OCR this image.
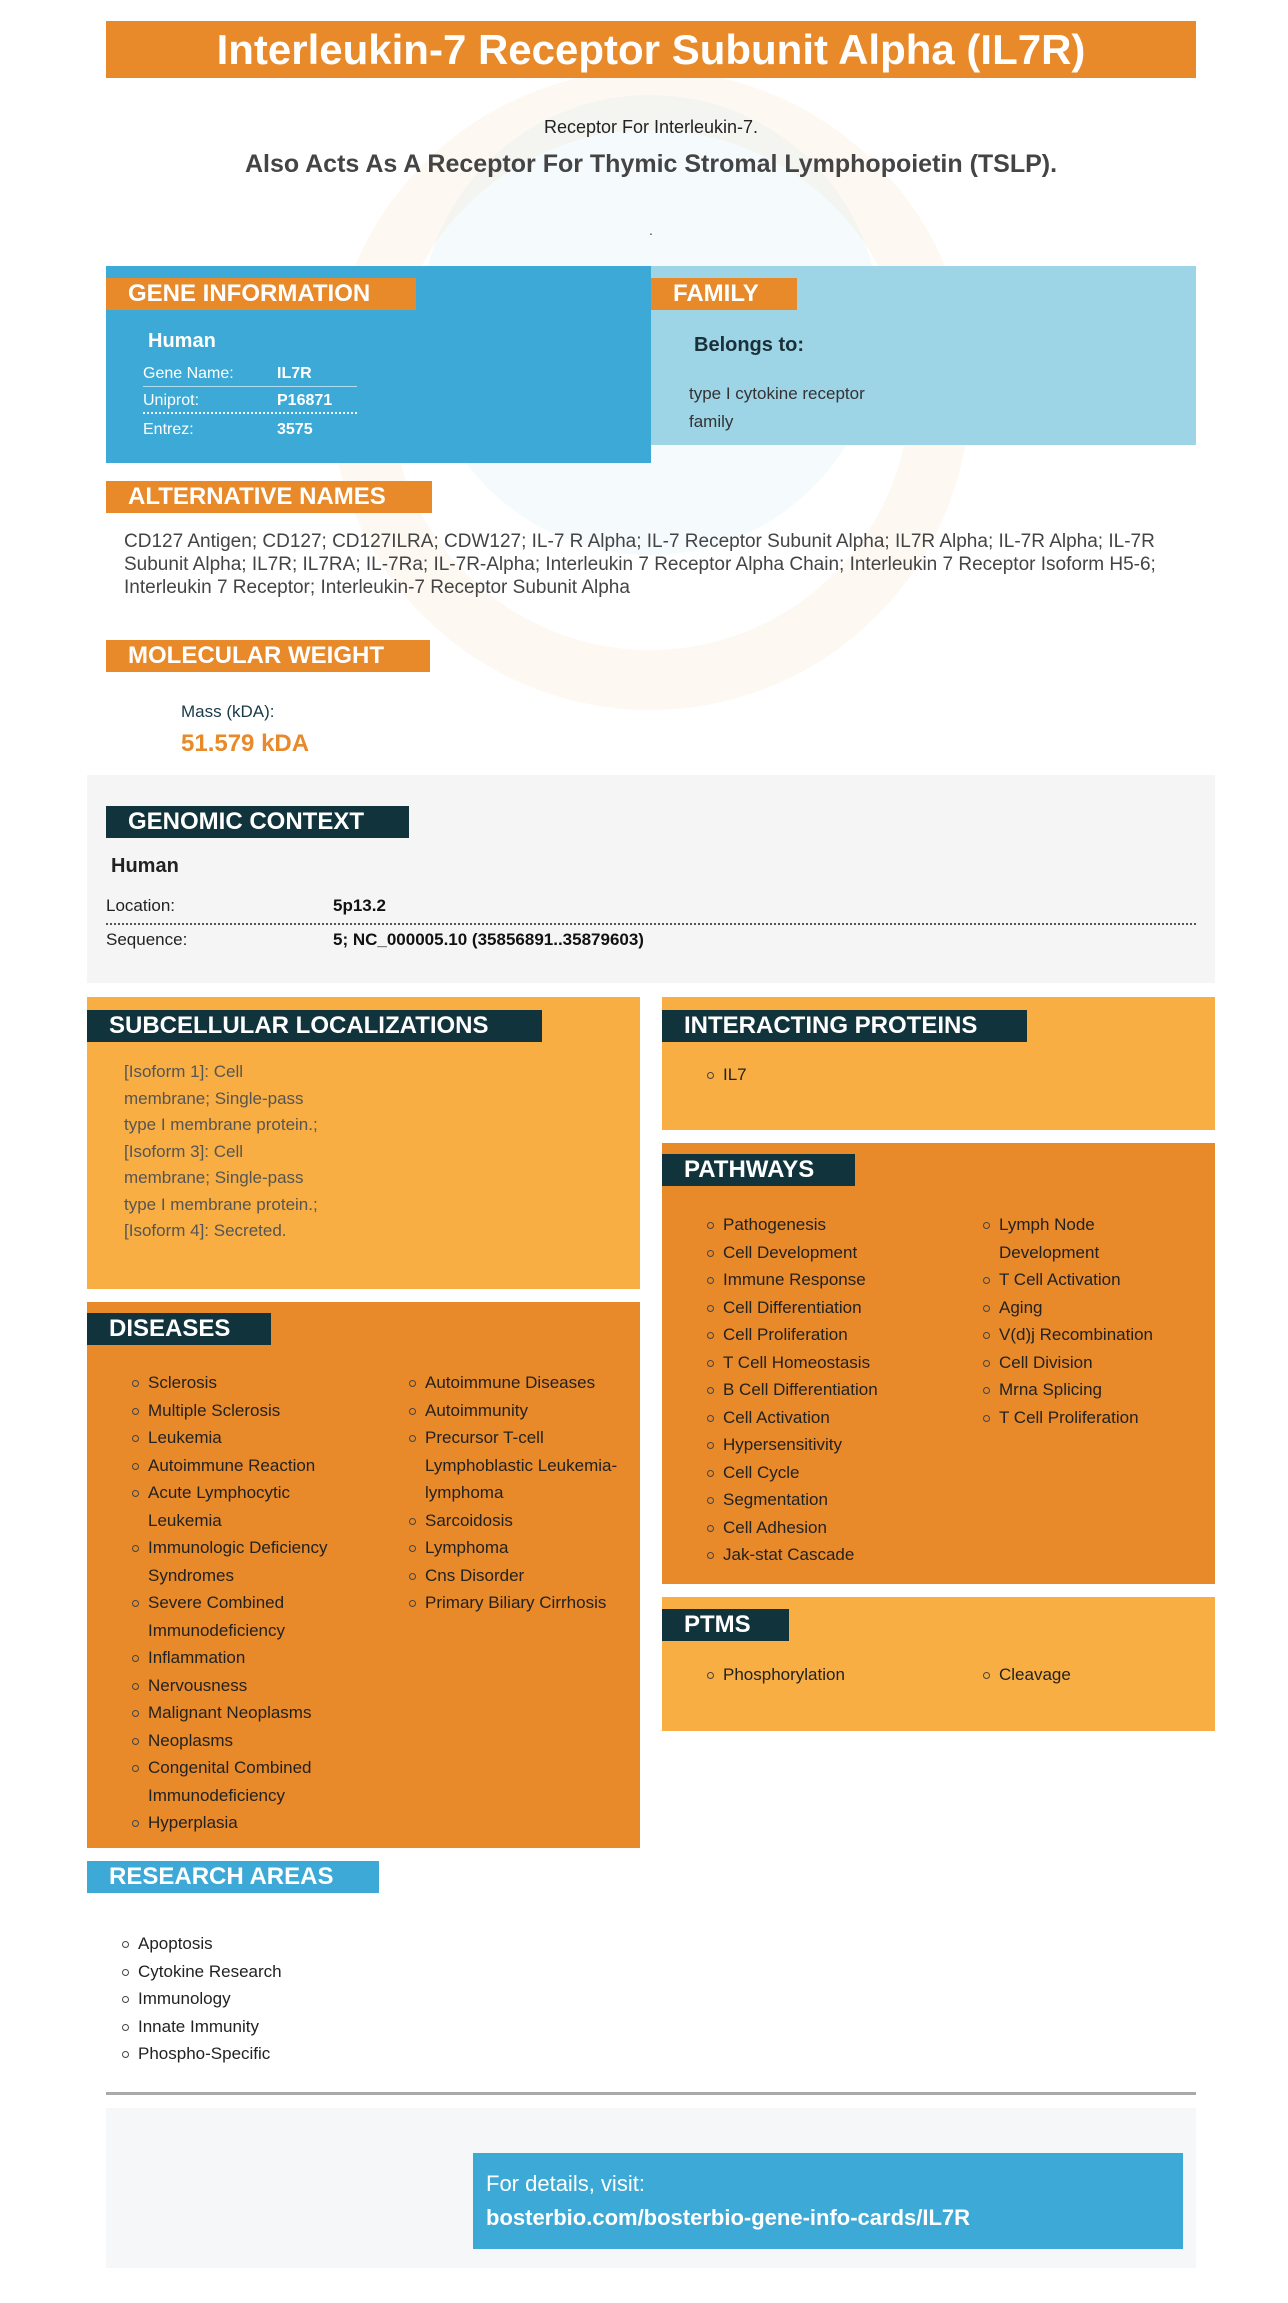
Interleukin-7 Receptor Subunit Alpha (IL7R)
Receptor For Interleukin-7.
Also Acts As A Receptor For Thymic Stromal Lymphopoietin (TSLP).
.
GENE INFORMATION
Human
Gene Name:	IL7R
Uniprot:	P16871
Entrez:	3575
FAMILY
Belongs to:
type I cytokine receptor
family
ALTERNATIVE NAMES
CD127 Antigen; CD127; CD127ILRA; CDW127; IL-7 R Alpha; IL-7 Receptor Subunit Alpha; IL7R Alpha; IL-7R Alpha; IL-7R Subunit Alpha; IL7R; IL7RA; IL-7Ra; IL-7R-Alpha; Interleukin 7 Receptor Alpha Chain; Interleukin 7 Receptor Isoform H5-6; Interleukin 7 Receptor; Interleukin-7 Receptor Subunit Alpha
MOLECULAR WEIGHT
Mass (kDA):
51.579 kDA
GENOMIC CONTEXT
Human
Location:	5p13.2
Sequence:	5; NC_000005.10 (35856891..35879603)
SUBCELLULAR LOCALIZATIONS
[Isoform 1]: Cell
membrane; Single-pass
type I membrane protein.;
[Isoform 3]: Cell
membrane; Single-pass
type I membrane protein.;
[Isoform 4]: Secreted.
INTERACTING PROTEINS
IL7
PATHWAYS
Pathogenesis
Cell Development
Immune Response
Cell Differentiation
Cell Proliferation
T Cell Homeostasis
B Cell Differentiation
Cell Activation
Hypersensitivity
Cell Cycle
Segmentation
Cell Adhesion
Jak-stat Cascade
Lymph Node Development
T Cell Activation
Aging
V(d)j Recombination
Cell Division
Mrna Splicing
T Cell Proliferation
DISEASES
Sclerosis
Multiple Sclerosis
Leukemia
Autoimmune Reaction
Acute Lymphocytic Leukemia
Immunologic Deficiency Syndromes
Severe Combined Immunodeficiency
Inflammation
Nervousness
Malignant Neoplasms
Neoplasms
Congenital Combined Immunodeficiency
Hyperplasia
Autoimmune Diseases
Autoimmunity
Precursor T-cell Lymphoblastic Leukemia-lymphoma
Sarcoidosis
Lymphoma
Cns Disorder
Primary Biliary Cirrhosis
PTMS
Phosphorylation	Cleavage
RESEARCH AREAS
Apoptosis
Cytokine Research
Immunology
Innate Immunity
Phospho-Specific
For details, visit:
bosterbio.com/bosterbio-gene-info-cards/IL7R
